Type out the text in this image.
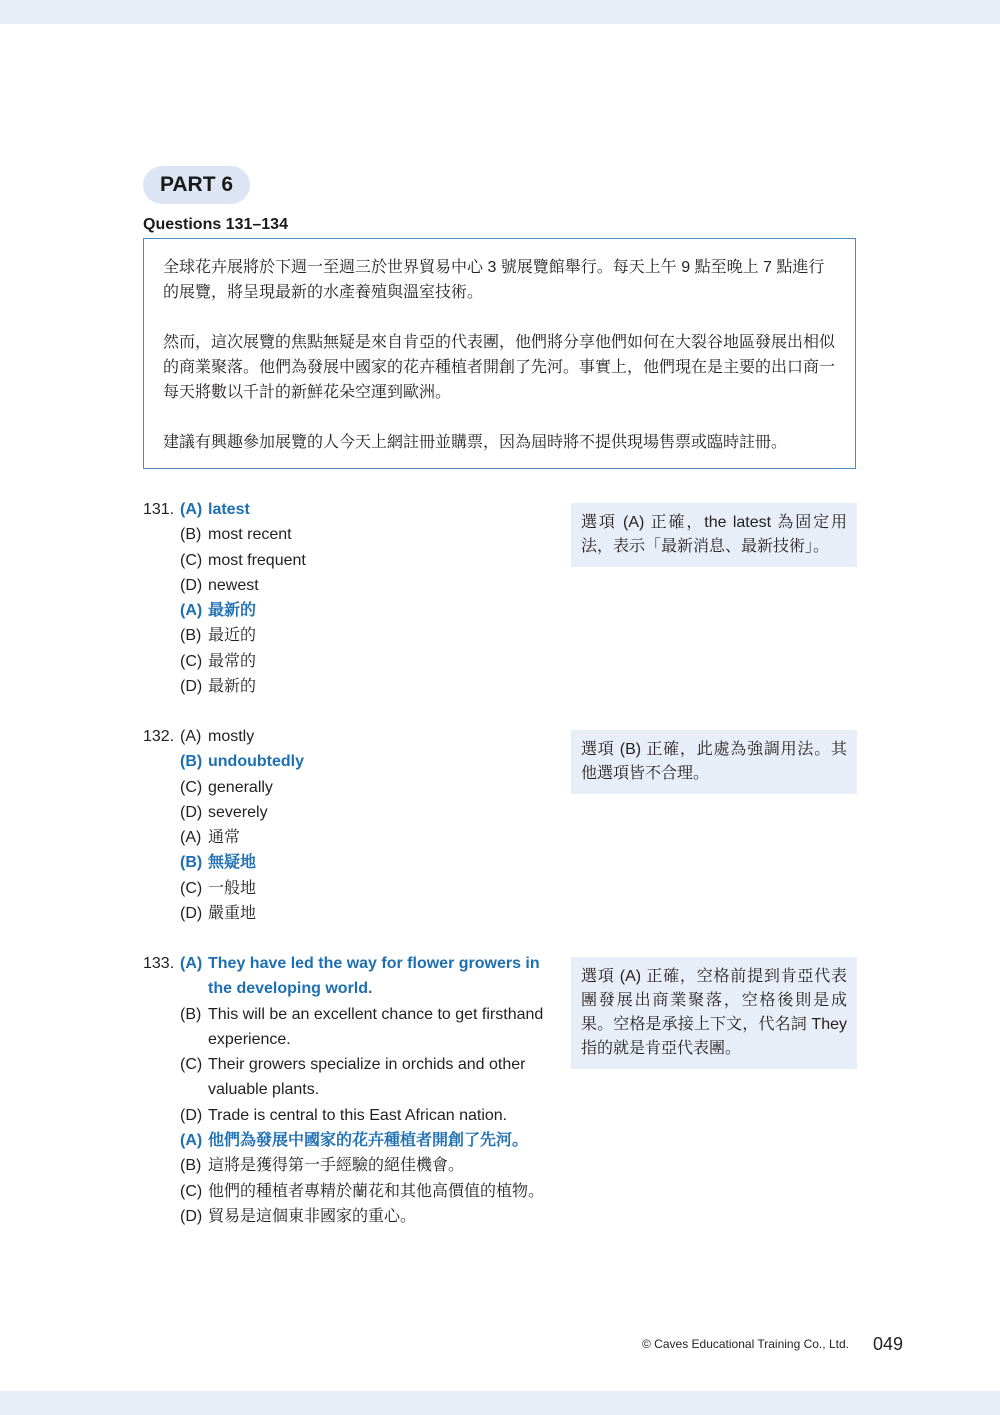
PART 6
Questions 131–134

全球花卉展將於下週一至週三於世界貿易中心 3 號展覽館舉行。每天上午 9 點至晚上 7 點進行的展覽，將呈現最新的水產養殖與溫室技術。

然而，這次展覽的焦點無疑是來自肯亞的代表團，他們將分享他們如何在大裂谷地區發展出相似的商業聚落。他們為發展中國家的花卉種植者開創了先河。事實上，他們現在是主要的出口商一每天將數以千計的新鮮花朵空運到歐洲。

建議有興趣參加展覽的人今天上網註冊並購票，因為屆時將不提供現場售票或臨時註冊。

131. (A) latest
(B) most recent
(C) most frequent
(D) newest
(A) 最新的
(B) 最近的
(C) 最常的
(D) 最新的
選項 (A) 正確，the latest 為固定用法，表示「最新消息、最新技術」。
132. (A) mostly
(B) undoubtedly
(C) generally
(D) severely
(A) 通常
(B) 無疑地
(C) 一般地
(D) 嚴重地
選項 (B) 正確，此處為強調用法。其他選項皆不合理。
133. (A) They have led the way for flower growers in the developing world.
(B) This will be an excellent chance to get firsthand experience.
(C) Their growers specialize in orchids and other valuable plants.
(D) Trade is central to this East African nation.
(A) 他們為發展中國家的花卉種植者開創了先河。
(B) 這將是獲得第一手經驗的絕佳機會。
(C) 他們的種植者專精於蘭花和其他高價值的植物。
(D) 貿易是這個東非國家的重心。
選項 (A) 正確，空格前提到肯亞代表團發展出商業聚落，空格後則是成果。空格是承接上下文，代名詞 They 指的就是肯亞代表團。
© Caves Educational Training Co., Ltd. 049
